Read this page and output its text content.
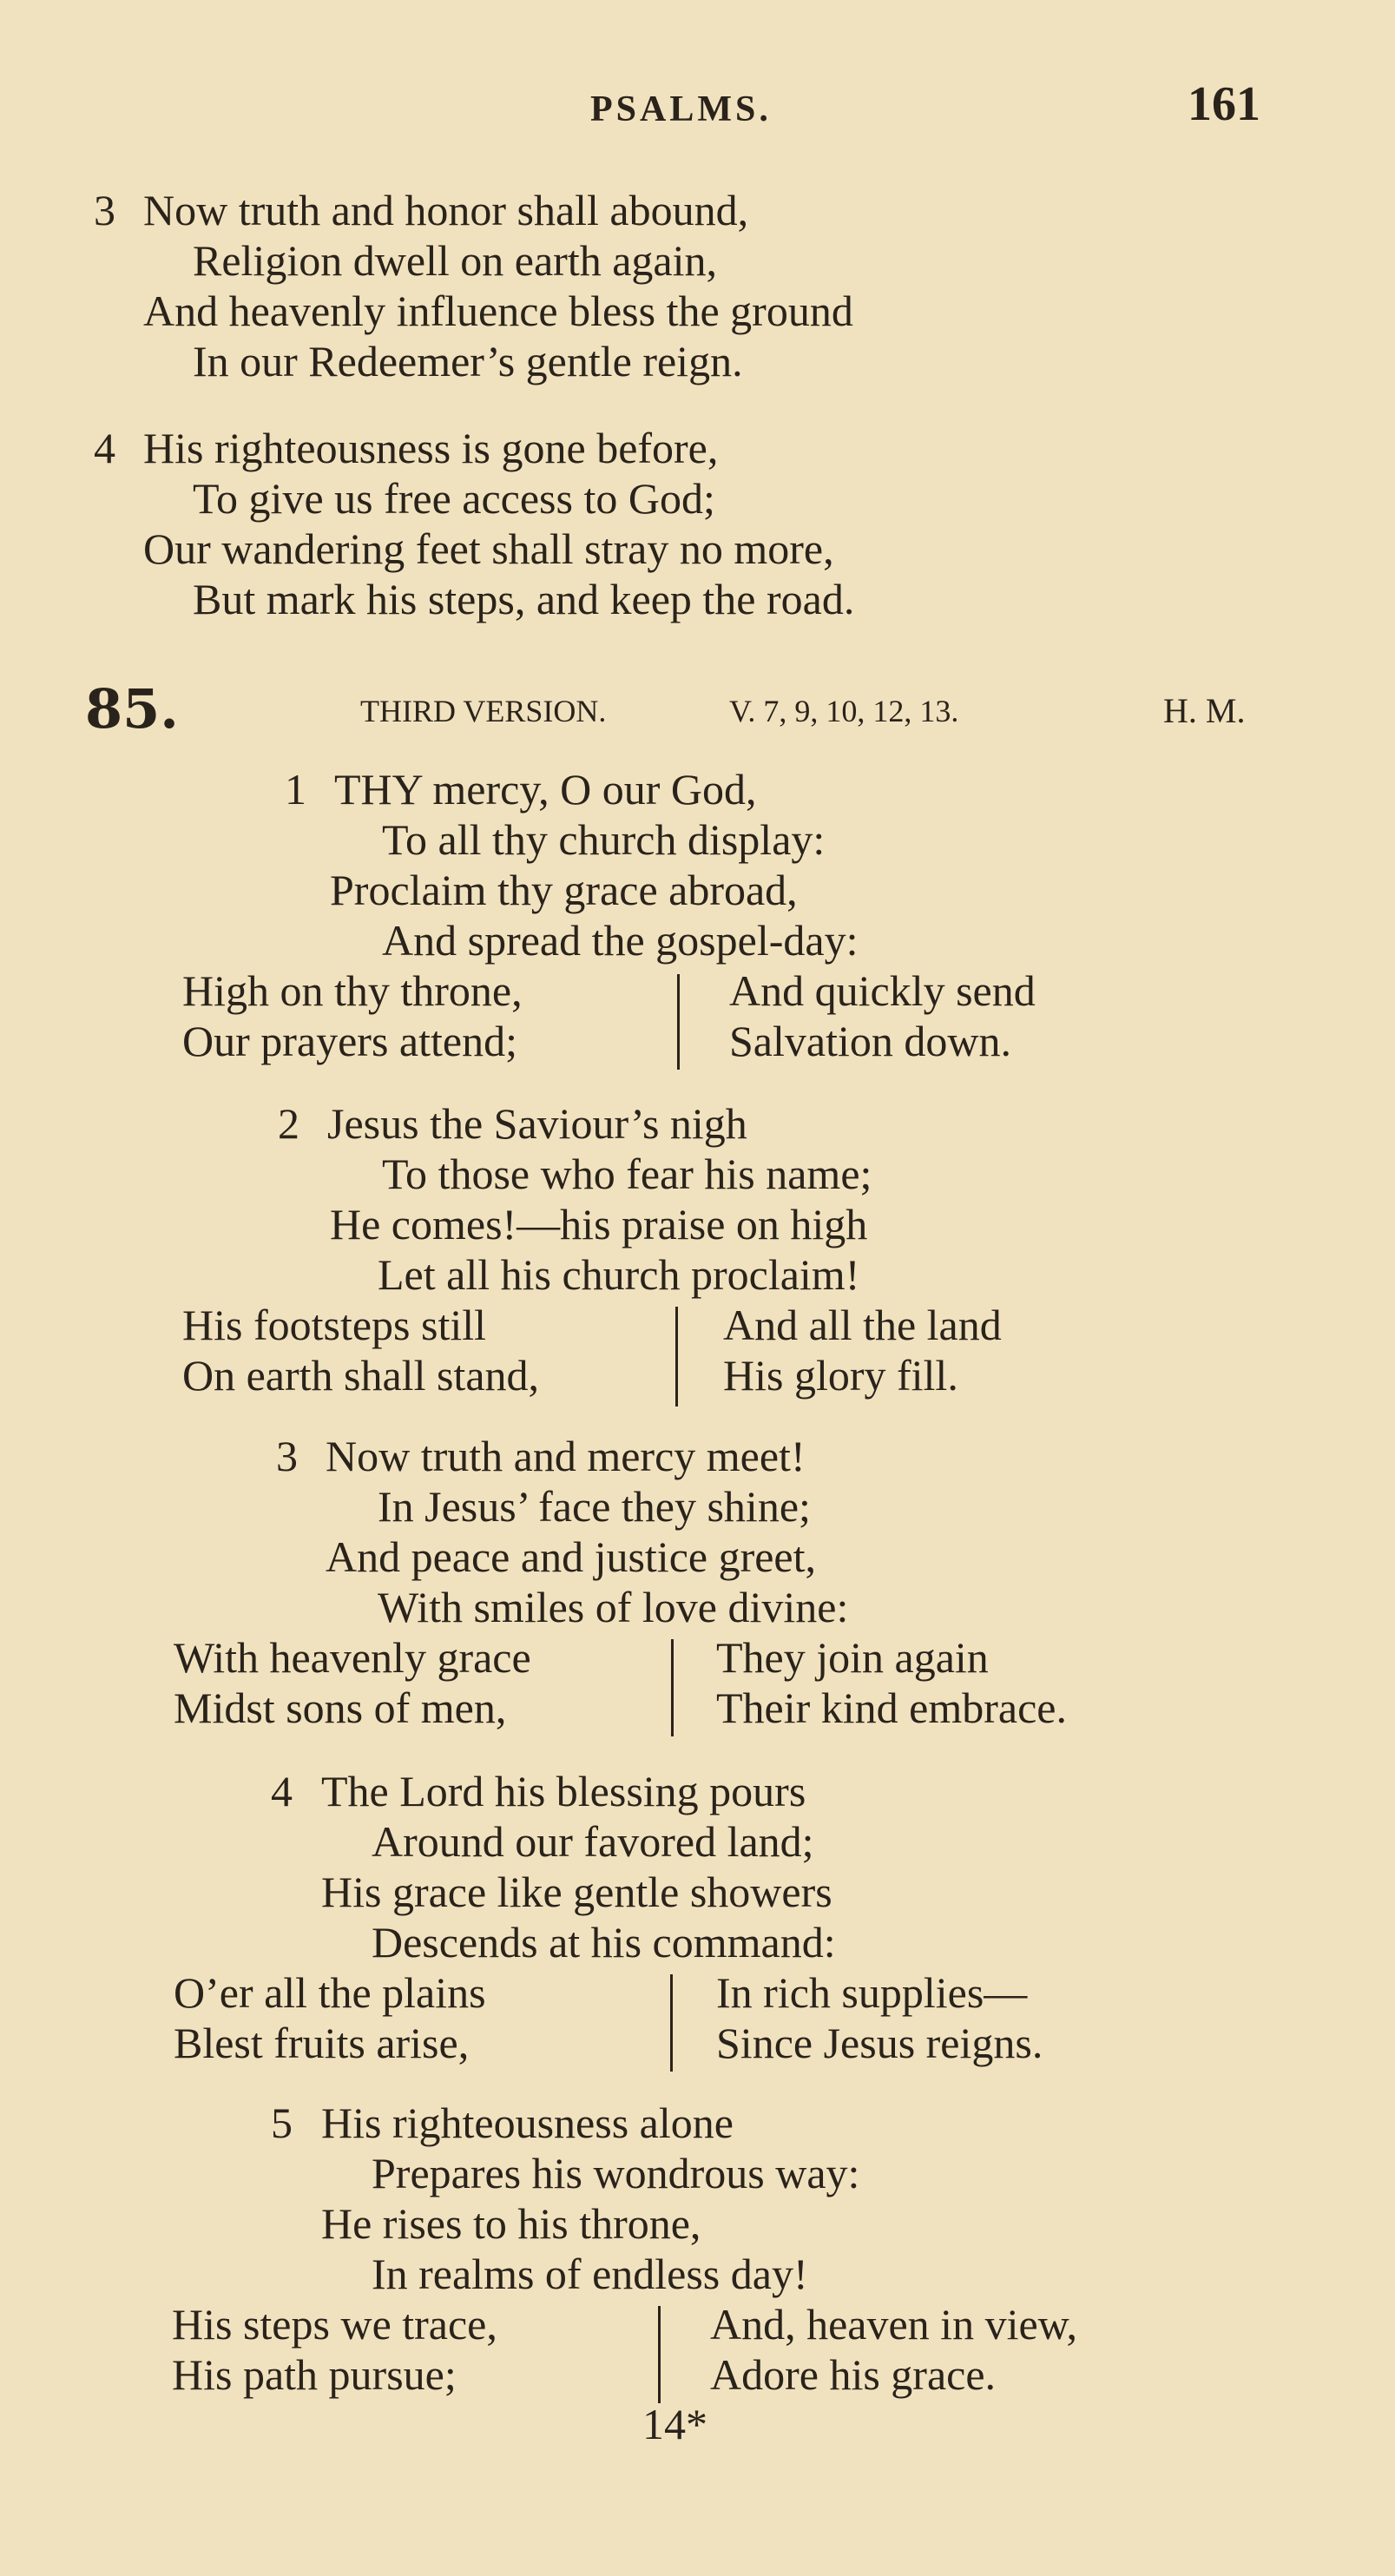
PSALMS.	161
3 Now truth and honor shall abound,
Religion dwell on earth again,
And heavenly influence bless the ground
In our Redeemer’s gentle reign.
4 His righteousness is gone before,
To give us free access to God;
Our wandering feet shall stray no more,
But mark his steps, and keep the road.
85.	THIRD VERSION.	V. 7, 9, 10, 12, 13.	H. M.
1 THY mercy, O our God,
To all thy church display:
Proclaim thy grace abroad,
And spread the gospel-day:
High on thy throne,
Our prayers attend;
And quickly send
Salvation down.
2 Jesus the Saviour’s nigh
To those who fear his name;
He comes!—his praise on high
Let all his church proclaim!
His footsteps still
On earth shall stand,
And all the land
His glory fill.
3 Now truth and mercy meet!
In Jesus’ face they shine;
And peace and justice greet,
With smiles of love divine:
With heavenly grace
Midst sons of men,
They join again
Their kind embrace.
4 The Lord his blessing pours
Around our favored land;
His grace like gentle showers
Descends at his command:
O’er all the plains
Blest fruits arise,
In rich supplies—
Since Jesus reigns.
5 His righteousness alone
Prepares his wondrous way:
He rises to his throne,
In realms of endless day!
His steps we trace,
His path pursue;
And, heaven in view,
Adore his grace.
14*
